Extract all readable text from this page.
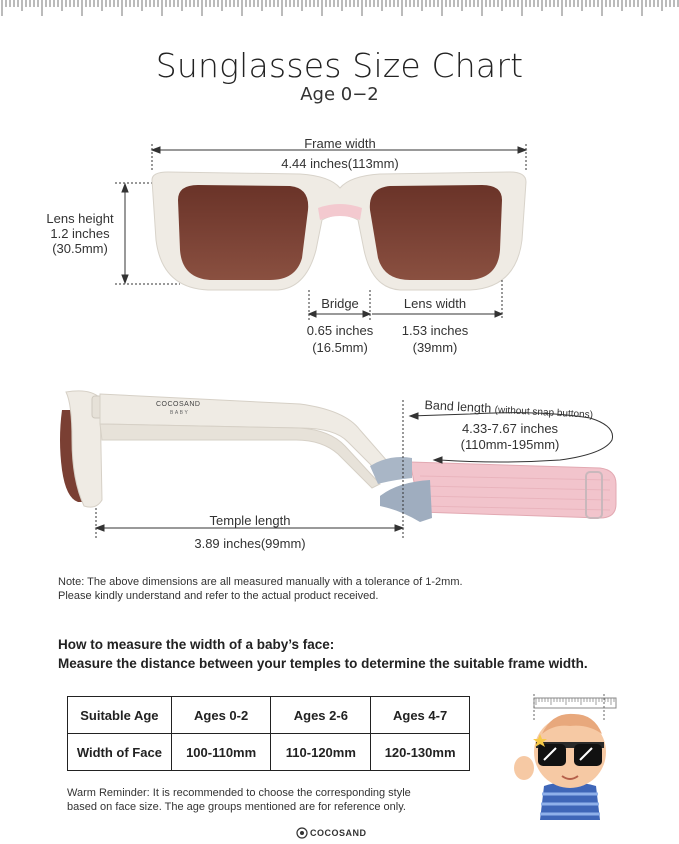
Sunglasses Size Chart
Age 0−2
Frame width
4.44 inches(113mm)
Lens height
1.2 inches
(30.5mm)
Bridge
0.65 inches
(16.5mm)
Lens width
1.53 inches
(39mm)
COCOSAND
BABY	Band length (without snap buttons)
4.33-7.67 inches
(110mm-195mm)
Temple length
3.89 inches(99mm)
Note: The above dimensions are all measured manually with a tolerance of 1-2mm.
Please kindly understand and refer to the actual product received.
How to measure the width of a baby’s face:
Measure the distance between your temples to determine the suitable frame width.
Suitable Age	Ages 0-2	Ages 2-6	Ages 4-7
Width of Face	100-110mm	110-120mm	120-130mm
Warm Reminder: It is recommended to choose the corresponding style
based on face size. The age groups mentioned are for reference only.
COCOSAND
